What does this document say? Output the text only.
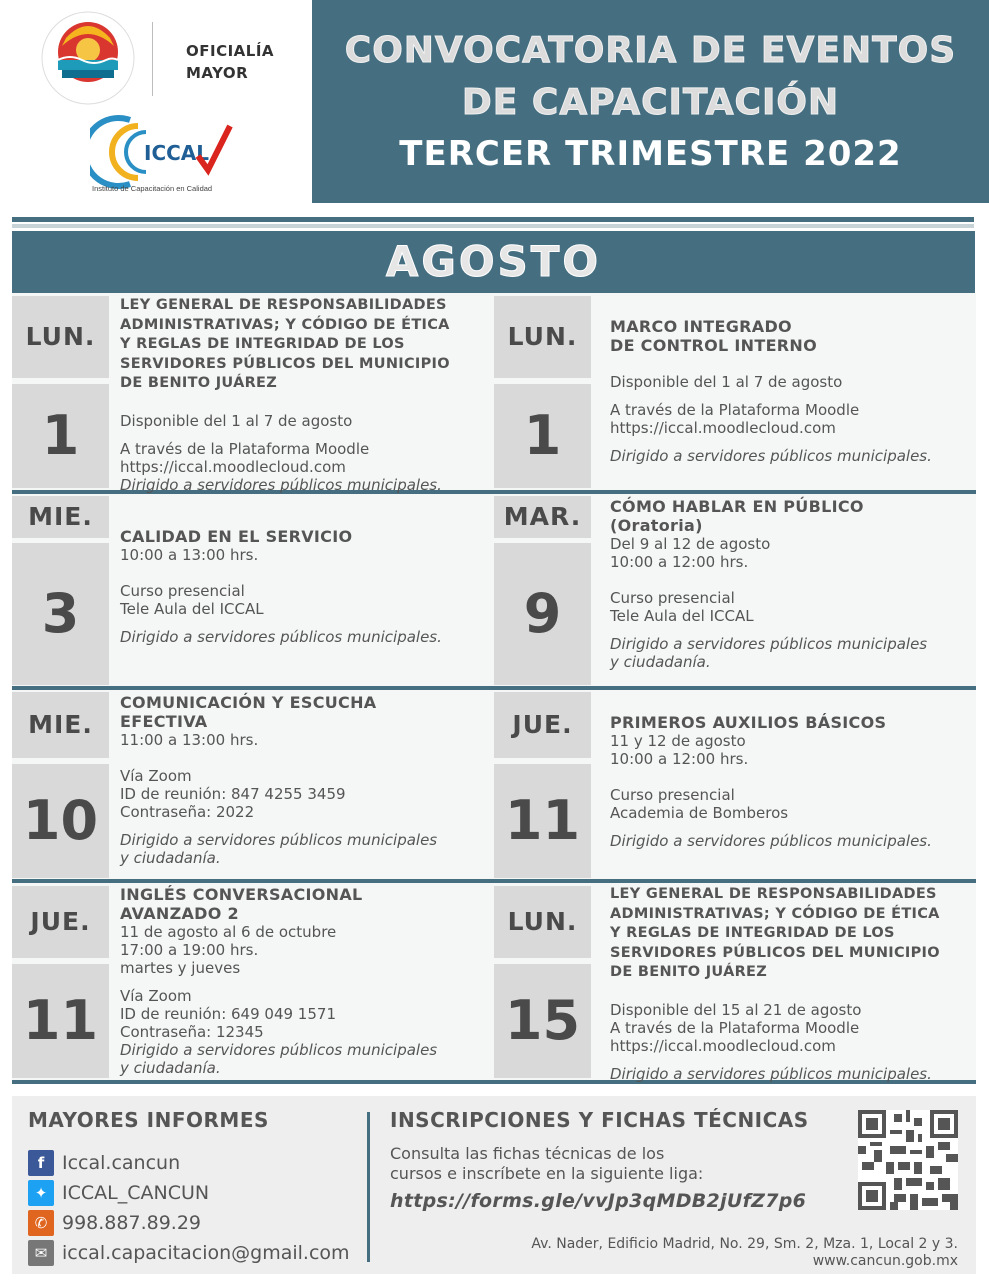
OFICIALÍA
MAYOR
ICCAL
Instituto de Capacitación en Calidad
CONVOCATORIA DE EVENTOS
DE CAPACITACIÓN
TERCER TRIMESTRE 2022
AGOSTO
LUN.
1
LEY GENERAL DE RESPONSABILIDADES
ADMINISTRATIVAS; Y CÓDIGO DE ÉTICA
Y REGLAS DE INTEGRIDAD DE LOS
SERVIDORES PÚBLICOS DEL MUNICIPIO
DE BENITO JUÁREZ
Disponible del 1 al 7 de agosto
A través de la Plataforma Moodle
https://iccal.moodlecloud.com
Dirigido a servidores públicos municipales.
LUN.
1
MARCO INTEGRADO
DE CONTROL INTERNO
Disponible del 1 al 7 de agosto
A través de la Plataforma Moodle
https://iccal.moodlecloud.com
Dirigido a servidores públicos municipales.
MIE.
3
CALIDAD EN EL SERVICIO
10:00 a 13:00 hrs.
Curso presencial
Tele Aula del ICCAL
Dirigido a servidores públicos municipales.
MAR.
9
CÓMO HABLAR EN PÚBLICO
(Oratoria)
Del 9 al 12 de agosto
10:00 a 12:00 hrs.
Curso presencial
Tele Aula del ICCAL
Dirigido a servidores públicos municipales
y ciudadanía.
MIE.
10
COMUNICACIÓN Y ESCUCHA
EFECTIVA
11:00 a 13:00 hrs.
Vía Zoom
ID de reunión: 847 4255 3459
Contraseña: 2022
Dirigido a servidores públicos municipales
y ciudadanía.
JUE.
11
PRIMEROS AUXILIOS BÁSICOS
11 y 12 de agosto
10:00 a 12:00 hrs.
Curso presencial
Academia de Bomberos
Dirigido a servidores públicos municipales.
JUE.
11
INGLÉS CONVERSACIONAL
AVANZADO 2
11 de agosto al 6 de octubre
17:00 a 19:00 hrs.
martes y jueves
Vía Zoom
ID de reunión: 649 049 1571
Contraseña: 12345
Dirigido a servidores públicos municipales
y ciudadanía.
LUN.
15
LEY GENERAL DE RESPONSABILIDADES
ADMINISTRATIVAS; Y CÓDIGO DE ÉTICA
Y REGLAS DE INTEGRIDAD DE LOS
SERVIDORES PÚBLICOS DEL MUNICIPIO
DE BENITO JUÁREZ
Disponible del 15 al 21 de agosto
A través de la Plataforma Moodle
https://iccal.moodlecloud.com
Dirigido a servidores públicos municipales.
MAYORES INFORMES
f Iccal.cancun
✦ ICCAL_CANCUN
✆ 998.887.89.29
✉ iccal.capacitacion@gmail.com
INSCRIPCIONES Y FICHAS TÉCNICAS
Consulta las fichas técnicas de los
cursos e inscríbete en la siguiente liga:
https://forms.gle/vvJp3qMDB2jUfZ7p6
Av. Nader, Edificio Madrid, No. 29, Sm. 2, Mza. 1, Local 2 y 3.
www.cancun.gob.mx
